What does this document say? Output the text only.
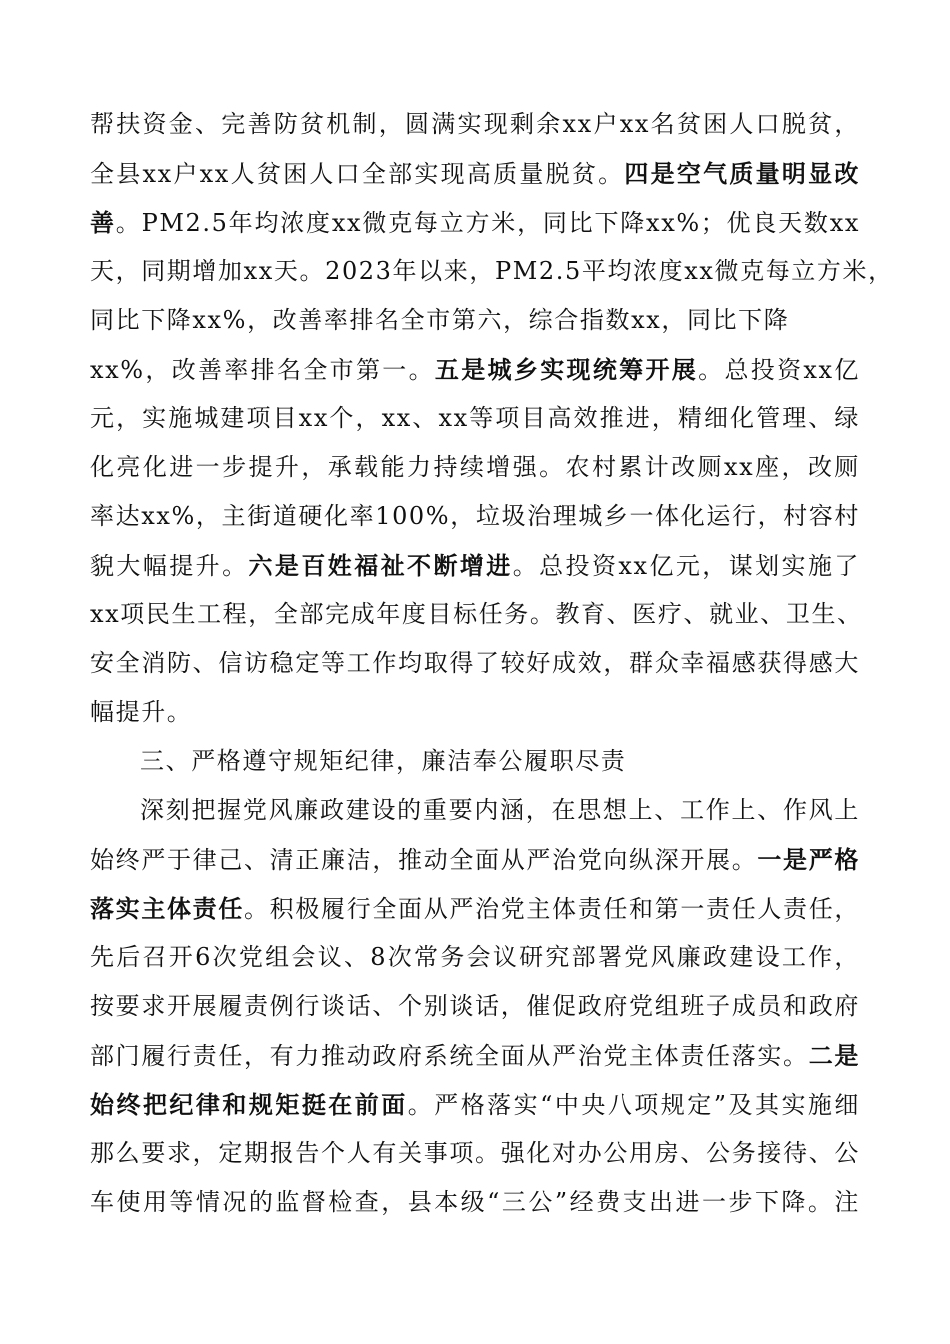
帮扶资金、完善防贫机制，圆满实现剩余xx户xx名贫困人口脱贫，
全县xx户xx人贫困人口全部实现高质量脱贫。四是空气质量明显改
善。PM2.5年均浓度xx微克每立方米，同比下降xx%；优良天数xx
天，同期增加xx天。2023年以来，PM2.5平均浓度xx微克每立方米，
同比下降xx%，改善率排名全市第六，综合指数xx，同比下降
xx%，改善率排名全市第一。五是城乡实现统筹开展。总投资xx亿
元，实施城建项目xx个，xx、xx等项目高效推进，精细化管理、绿
化亮化进一步提升，承载能力持续增强。农村累计改厕xx座，改厕
率达xx%，主街道硬化率100%，垃圾治理城乡一体化运行，村容村
貌大幅提升。六是百姓福祉不断增进。总投资xx亿元，谋划实施了
xx项民生工程，全部完成年度目标任务。教育、医疗、就业、卫生、
安全消防、信访稳定等工作均取得了较好成效，群众幸福感获得感大
幅提升。
三、严格遵守规矩纪律，廉洁奉公履职尽责
深刻把握党风廉政建设的重要内涵，在思想上、工作上、作风上
始终严于律己、清正廉洁，推动全面从严治党向纵深开展。一是严格
落实主体责任。积极履行全面从严治党主体责任和第一责任人责任，
先后召开6次党组会议、8次常务会议研究部署党风廉政建设工作，
按要求开展履责例行谈话、个别谈话，催促政府党组班子成员和政府
部门履行责任，有力推动政府系统全面从严治党主体责任落实。二是
始终把纪律和规矩挺在前面。严格落实“中央八项规定”及其实施细
那么要求，定期报告个人有关事项。强化对办公用房、公务接待、公
车使用等情况的监督检查，县本级“三公”经费支出进一步下降。注
